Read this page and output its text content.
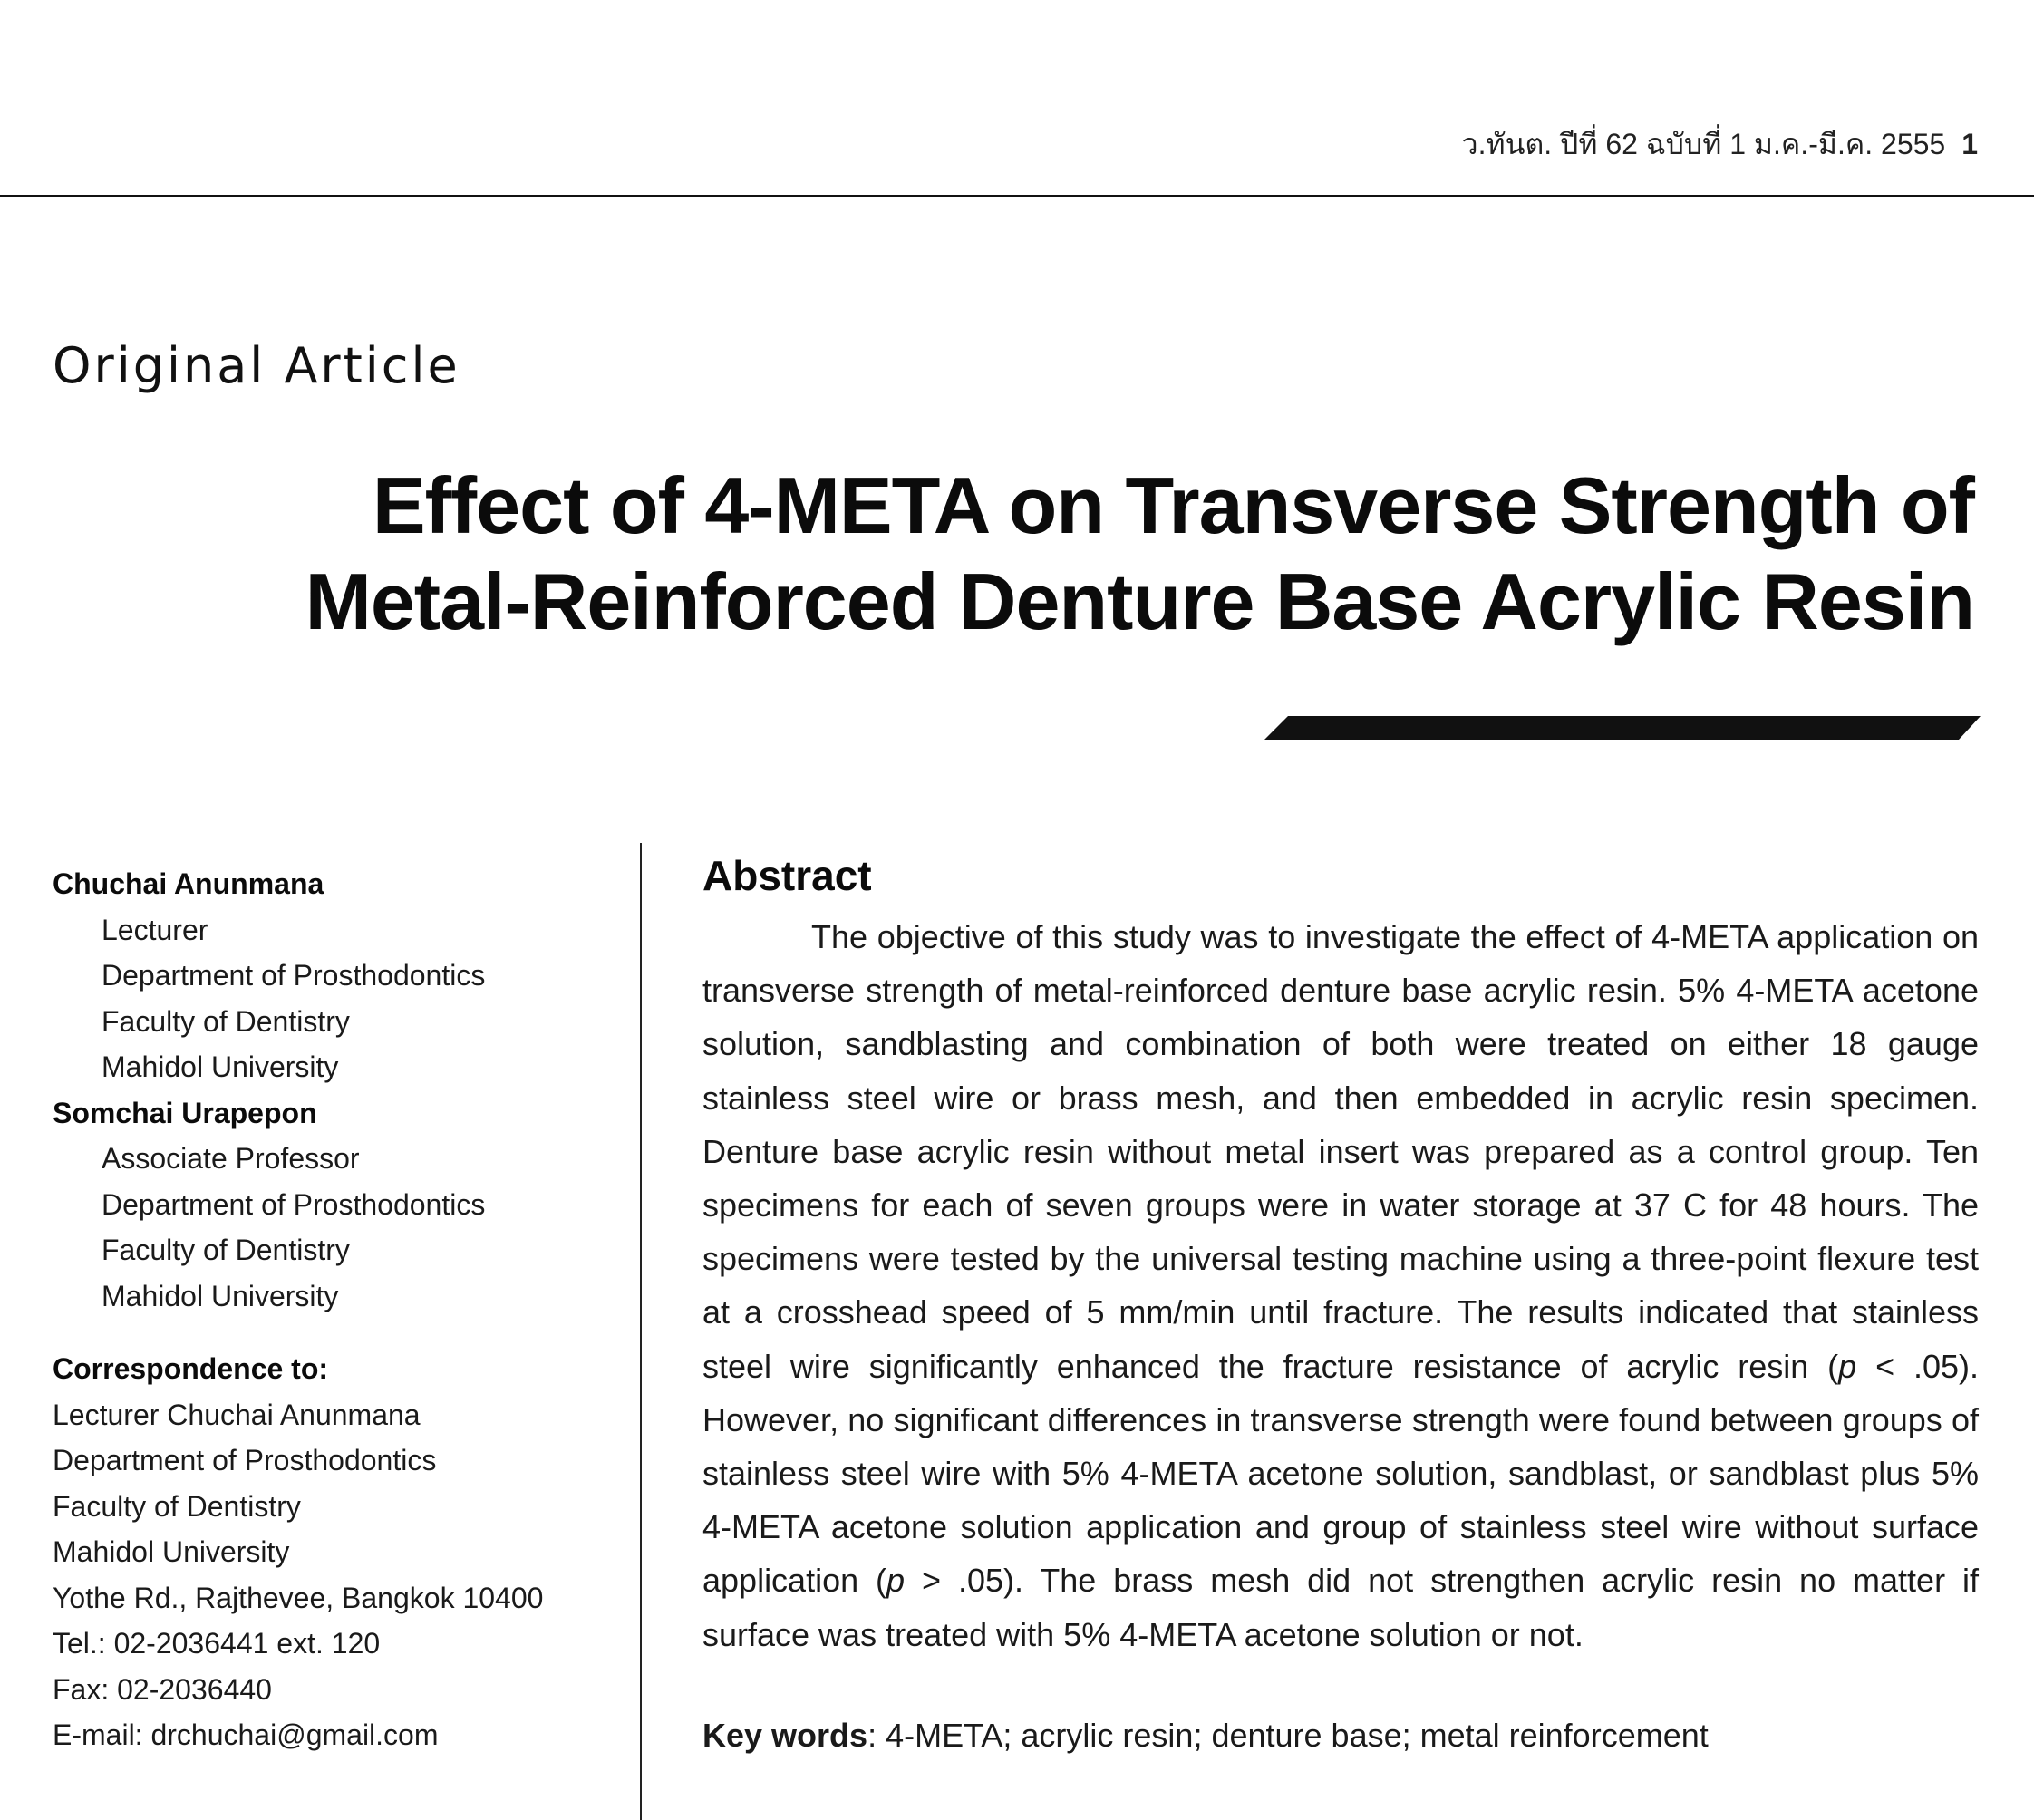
ว.ทันต. ปีที่ 62 ฉบับที่ 1 ม.ค.-มี.ค. 2555 1
Original Article
Effect of 4-META on Transverse Strength of
Metal-Reinforced Denture Base Acrylic Resin
Chuchai Anunmana
Lecturer
Department of Prosthodontics
Faculty of Dentistry
Mahidol University
Somchai Urapepon
Associate Professor
Department of Prosthodontics
Faculty of Dentistry
Mahidol University
Correspondence to:
Lecturer Chuchai Anunmana
Department of Prosthodontics
Faculty of Dentistry
Mahidol University
Yothe Rd., Rajthevee, Bangkok 10400
Tel.: 02-2036441 ext. 120
Fax: 02-2036440
E-mail: drchuchai@gmail.com
Abstract

The objective of this study was to investigate the effect of 4-META application on transverse strength of metal-reinforced denture base acrylic resin. 5% 4-META acetone solution, sandblasting and combination of both were treated on either 18 gauge stainless steel wire or brass mesh, and then embedded in acrylic resin specimen. Denture base acrylic resin without metal insert was prepared as a control group. Ten specimens for each of seven groups were in water storage at 37 C for 48 hours. The specimens were tested by the universal testing machine using a three-point flexure test at a crosshead speed of 5 mm/min until fracture. The results indicated that stainless steel wire significantly enhanced the fracture resistance of acrylic resin (p < .05). However, no significant differences in transverse strength were found between groups of stainless steel wire with 5% 4-META acetone solution, sandblast, or sandblast plus 5% 4-META acetone solution application and group of stainless steel wire without surface application (p > .05). The brass mesh did not strengthen acrylic resin no matter if surface was treated with 5% 4-META acetone solution or not.

Key words: 4-META; acrylic resin; denture base; metal reinforcement
